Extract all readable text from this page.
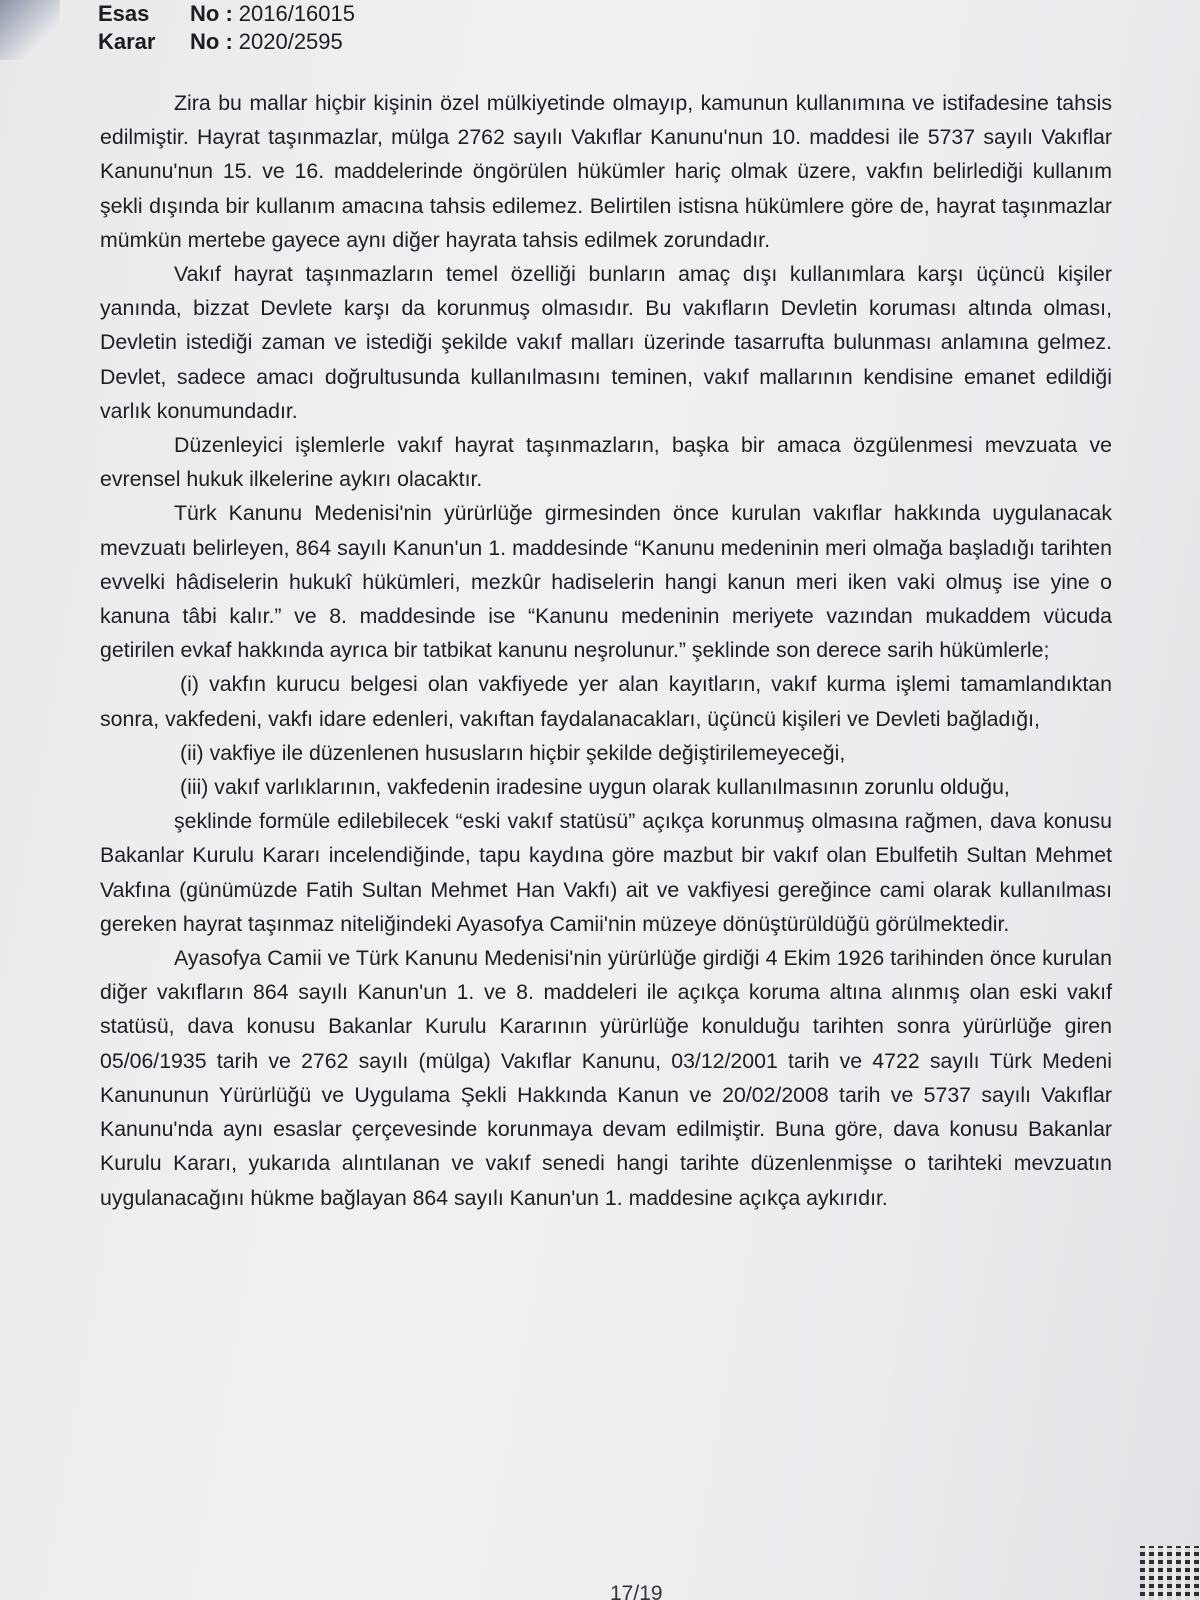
Esas	No : 2016/16015
Karar	No : 2020/2595

Zira bu mallar hiçbir kişinin özel mülkiyetinde olmayıp, kamunun kullanımına ve istifadesine tahsis edilmiştir. Hayrat taşınmazlar, mülga 2762 sayılı Vakıflar Kanunu'nun 10. maddesi ile 5737 sayılı Vakıflar Kanunu'nun 15. ve 16. maddelerinde öngörülen hükümler hariç olmak üzere, vakfın belirlediği kullanım şekli dışında bir kullanım amacına tahsis edilemez. Belirtilen istisna hükümlere göre de, hayrat taşınmazlar mümkün mertebe gayece aynı diğer hayrata tahsis edilmek zorundadır.

Vakıf hayrat taşınmazların temel özelliği bunların amaç dışı kullanımlara karşı üçüncü kişiler yanında, bizzat Devlete karşı da korunmuş olmasıdır. Bu vakıfların Devletin koruması altında olması, Devletin istediği zaman ve istediği şekilde vakıf malları üzerinde tasarrufta bulunması anlamına gelmez. Devlet, sadece amacı doğrultusunda kullanılmasını teminen, vakıf mallarının kendisine emanet edildiği varlık konumundadır.

Düzenleyici işlemlerle vakıf hayrat taşınmazların, başka bir amaca özgülenmesi mevzuata ve evrensel hukuk ilkelerine aykırı olacaktır.

Türk Kanunu Medenisi'nin yürürlüğe girmesinden önce kurulan vakıflar hakkında uygulanacak mevzuatı belirleyen, 864 sayılı Kanun'un 1. maddesinde “Kanunu medeninin meri olmağa başladığı tarihten evvelki hâdiselerin hukukî hükümleri, mezkûr hadiselerin hangi kanun meri iken vaki olmuş ise yine o kanuna tâbi kalır.” ve 8. maddesinde ise “Kanunu medeninin meriyete vazından mukaddem vücuda getirilen evkaf hakkında ayrıca bir tatbikat kanunu neşrolunur.” şeklinde son derece sarih hükümlerle;

(i) vakfın kurucu belgesi olan vakfiyede yer alan kayıtların, vakıf kurma işlemi tamamlandıktan sonra, vakfedeni, vakfı idare edenleri, vakıftan faydalanacakları, üçüncü kişileri ve Devleti bağladığı,

(ii) vakfiye ile düzenlenen hususların hiçbir şekilde değiştirilemeyeceği,

(iii) vakıf varlıklarının, vakfedenin iradesine uygun olarak kullanılmasının zorunlu olduğu,

şeklinde formüle edilebilecek “eski vakıf statüsü” açıkça korunmuş olmasına rağmen, dava konusu Bakanlar Kurulu Kararı incelendiğinde, tapu kaydına göre mazbut bir vakıf olan Ebulfetih Sultan Mehmet Vakfına (günümüzde Fatih Sultan Mehmet Han Vakfı) ait ve vakfiyesi gereğince cami olarak kullanılması gereken hayrat taşınmaz niteliğindeki Ayasofya Camii'nin müzeye dönüştürüldüğü görülmektedir.

Ayasofya Camii ve Türk Kanunu Medenisi'nin yürürlüğe girdiği 4 Ekim 1926 tarihinden önce kurulan diğer vakıfların 864 sayılı Kanun'un 1. ve 8. maddeleri ile açıkça koruma altına alınmış olan eski vakıf statüsü, dava konusu Bakanlar Kurulu Kararının yürürlüğe konulduğu tarihten sonra yürürlüğe giren 05/06/1935 tarih ve 2762 sayılı (mülga) Vakıflar Kanunu, 03/12/2001 tarih ve 4722 sayılı Türk Medeni Kanununun Yürürlüğü ve Uygulama Şekli Hakkında Kanun ve 20/02/2008 tarih ve 5737 sayılı Vakıflar Kanunu'nda aynı esaslar çerçevesinde korunmaya devam edilmiştir. Buna göre, dava konusu Bakanlar Kurulu Kararı, yukarıda alıntılanan ve vakıf senedi hangi tarihte düzenlenmişse o tarihteki mevzuatın uygulanacağını hükme bağlayan 864 sayılı Kanun'un 1. maddesine açıkça aykırıdır.

17/19
